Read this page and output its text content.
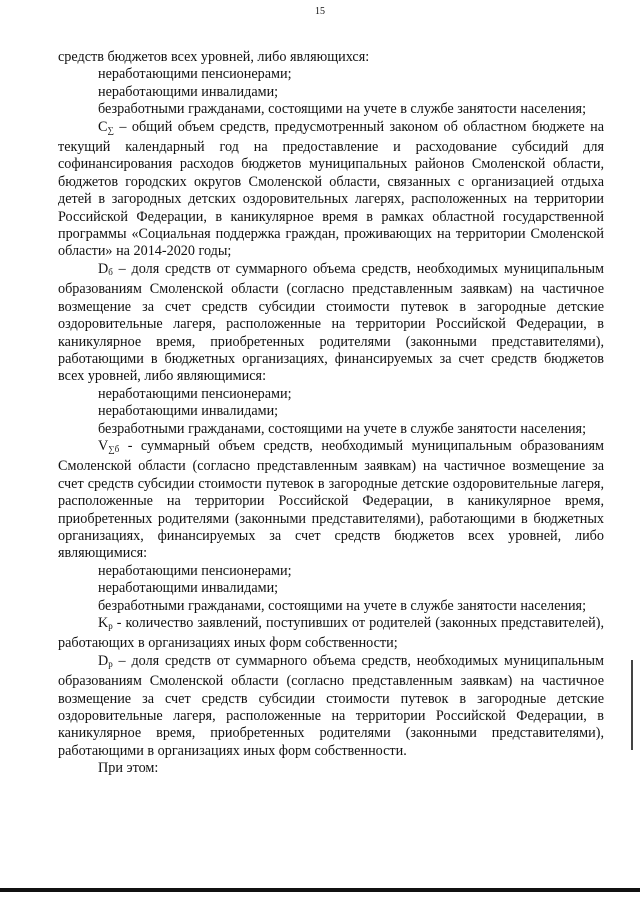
15

средств бюджетов всех уровней, либо являющихся:

неработающими пенсионерами;

неработающими инвалидами;

безработными гражданами, состоящими на учете в службе занятости населения;

C∑ – общий объем средств, предусмотренный законом об областном бюджете на текущий календарный год на предоставление и расходование субсидий для софинансирования расходов бюджетов муниципальных районов Смоленской области, бюджетов городских округов Смоленской области, связанных с организацией отдыха детей в загородных детских оздоровительных лагерях, расположенных на территории Российской Федерации, в каникулярное время в рамках областной государственной программы «Социальная поддержка граждан, проживающих на территории Смоленской области» на 2014-2020 годы;

Dб – доля средств от суммарного объема средств, необходимых муниципальным образованиям Смоленской области (согласно представленным заявкам) на частичное возмещение за счет средств субсидии стоимости путевок в загородные детские оздоровительные лагеря, расположенные на территории Российской Федерации, в каникулярное время, приобретенных родителями (законными представителями), работающими в бюджетных организациях, финансируемых за счет средств бюджетов всех уровней, либо являющимися:

неработающими пенсионерами;

неработающими инвалидами;

безработными гражданами, состоящими на учете в службе занятости населения;

V∑б - суммарный объем средств, необходимый муниципальным образованиям Смоленской области (согласно представленным заявкам) на частичное возмещение за счет средств субсидии стоимости путевок в загородные детские оздоровительные лагеря, расположенные на территории Российской Федерации, в каникулярное время, приобретенных родителями (законными представителями), работающими в бюджетных организациях, финансируемых за счет средств бюджетов всех уровней, либо являющимися:

неработающими пенсионерами;

неработающими инвалидами;

безработными гражданами, состоящими на учете в службе занятости населения;

Kр - количество заявлений, поступивших от родителей (законных представителей), работающих в организациях иных форм собственности;

Dр – доля средств от суммарного объема средств, необходимых муниципальным образованиям Смоленской области (согласно представленным заявкам) на частичное возмещение за счет средств субсидии стоимости путевок в загородные детские оздоровительные лагеря, расположенные на территории Российской Федерации, в каникулярное время, приобретенных родителями (законными представителями), работающими в организациях иных форм собственности.

При этом:
